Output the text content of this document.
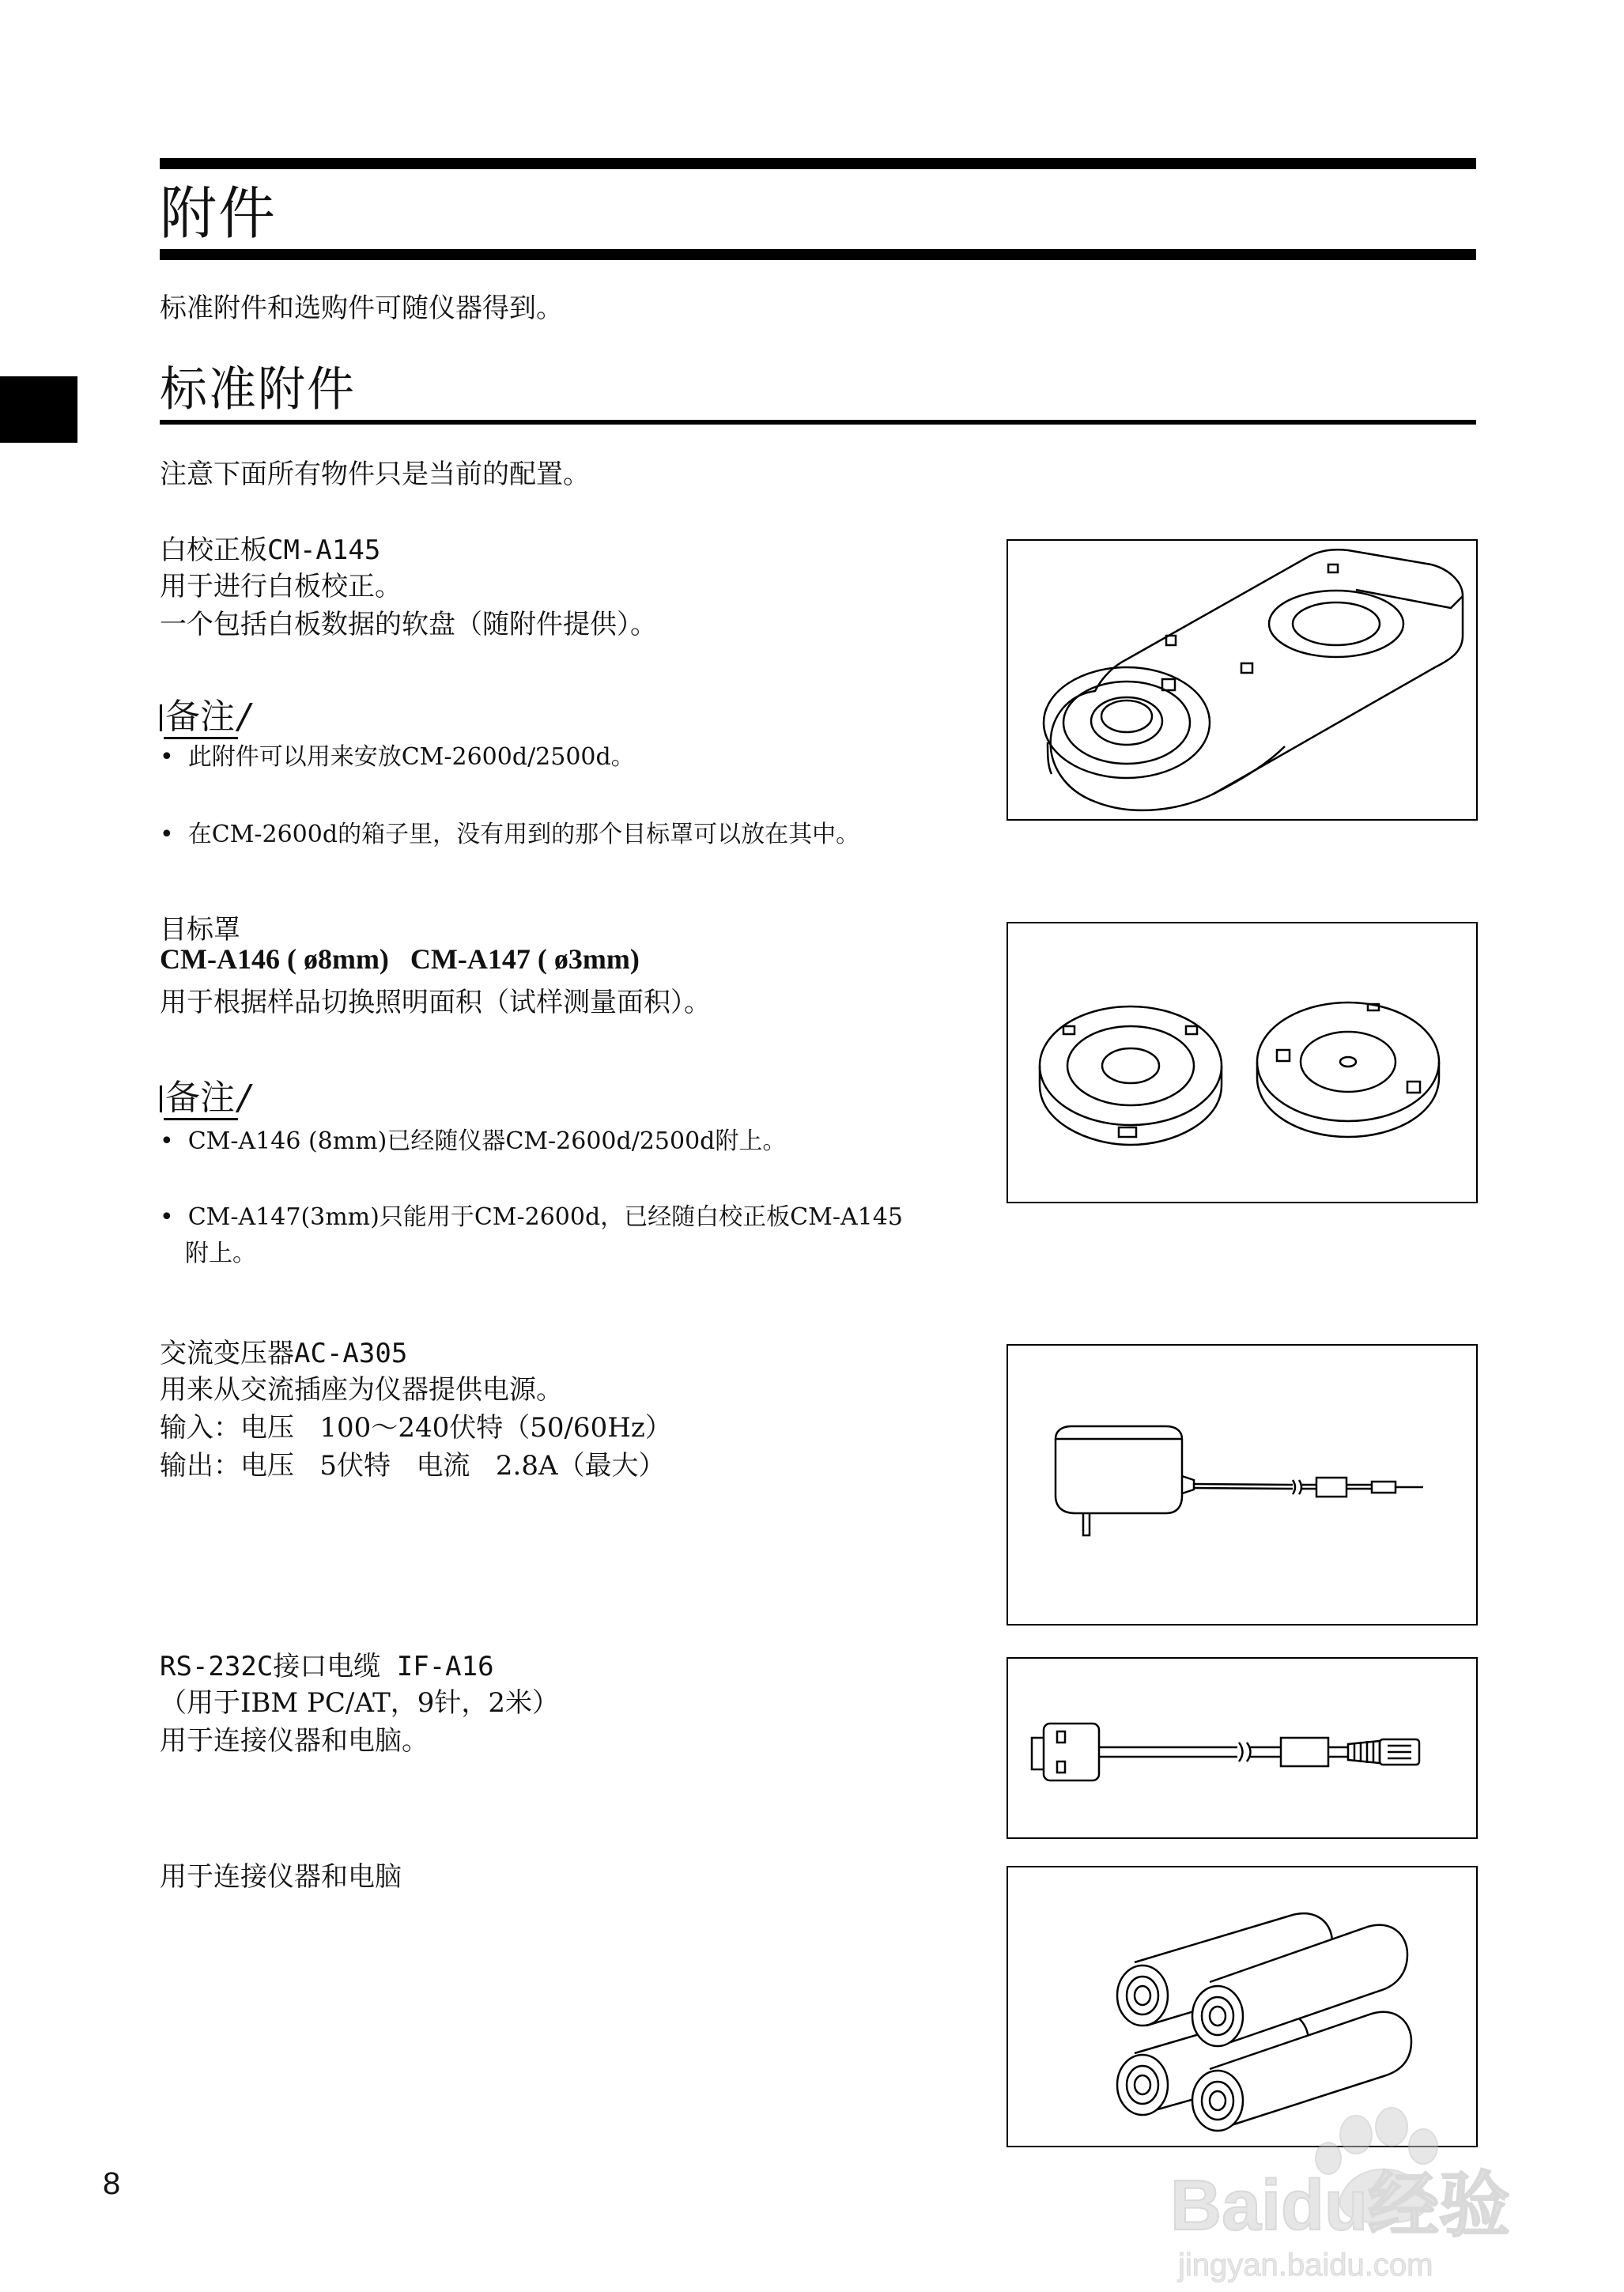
附件
标准附件和选购件可随仪器得到。
标准附件
注意下面所有物件只是当前的配置。
白校正板CM-A145
用于进行白板校正。
一个包括白板数据的软盘（随附件提供）。
备注/
• 此附件可以用来安放CM-2600d/2500d。
• 在CM-2600d的箱子里，没有用到的那个目标罩可以放在其中。
目标罩
CM-A146 ( ø8mm)   CM-A147 ( ø3mm)
用于根据样品切换照明面积（试样测量面积）。
备注/
• CM-A146 (8mm)已经随仪器CM-2600d/2500d附上。
• CM-A147(3mm)只能用于CM-2600d，已经随白校正板CM-A145
附上。
交流变压器AC-A305
用来从交流插座为仪器提供电源。
输入：电压   100～240伏特（50/60Hz）
输出：电压   5伏特   电流   2.8A（最大）
RS-232C接口电缆 IF-A16
（用于IBM PC/AT，9针，2米）
用于连接仪器和电脑。
用于连接仪器和电脑
8	Baidu经验
jingyan.baidu.com
